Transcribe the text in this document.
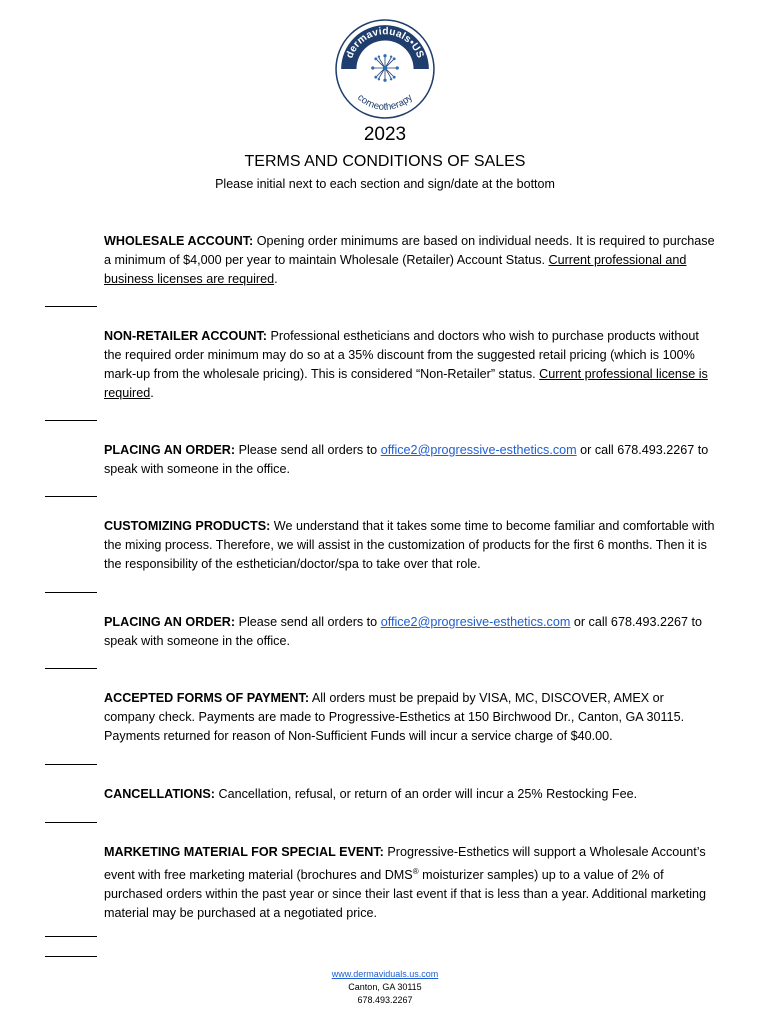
dermaviduals•US
corneotherapy
2023
TERMS AND CONDITIONS OF SALES
Please initial next to each section and sign/date at the bottom
WHOLESALE ACCOUNT: Opening order minimums are based on individual needs. It is required to purchase a minimum of $4,000 per year to maintain Wholesale (Retailer) Account Status. Current professional and business licenses are required.
NON-RETAILER ACCOUNT: Professional estheticians and doctors who wish to purchase products without the required order minimum may do so at a 35% discount from the suggested retail pricing (which is 100% mark-up from the wholesale pricing). This is considered “Non-Retailer” status. Current professional license is required.
PLACING AN ORDER: Please send all orders to office2@progressive-esthetics.com or call 678.493.2267 to speak with someone in the office.
CUSTOMIZING PRODUCTS: We understand that it takes some time to become familiar and comfortable with the mixing process. Therefore, we will assist in the customization of products for the first 6 months. Then it is the responsibility of the esthetician/doctor/spa to take over that role.
PLACING AN ORDER: Please send all orders to office2@progresive-esthetics.com or call 678.493.2267 to speak with someone in the office.
ACCEPTED FORMS OF PAYMENT: All orders must be prepaid by VISA, MC, DISCOVER, AMEX or company check. Payments are made to Progressive-Esthetics at 150 Birchwood Dr., Canton, GA 30115. Payments returned for reason of Non-Sufficient Funds will incur a service charge of $40.00.
CANCELLATIONS: Cancellation, refusal, or return of an order will incur a 25% Restocking Fee.
MARKETING MATERIAL FOR SPECIAL EVENT: Progressive-Esthetics will support a Wholesale Account’s event with free marketing material (brochures and DMS® moisturizer samples) up to a value of 2% of purchased orders within the past year or since their last event if that is less than a year. Additional marketing material may be purchased at a negotiated price.
www.dermaviduals.us.com
Canton, GA 30115
678.493.2267
